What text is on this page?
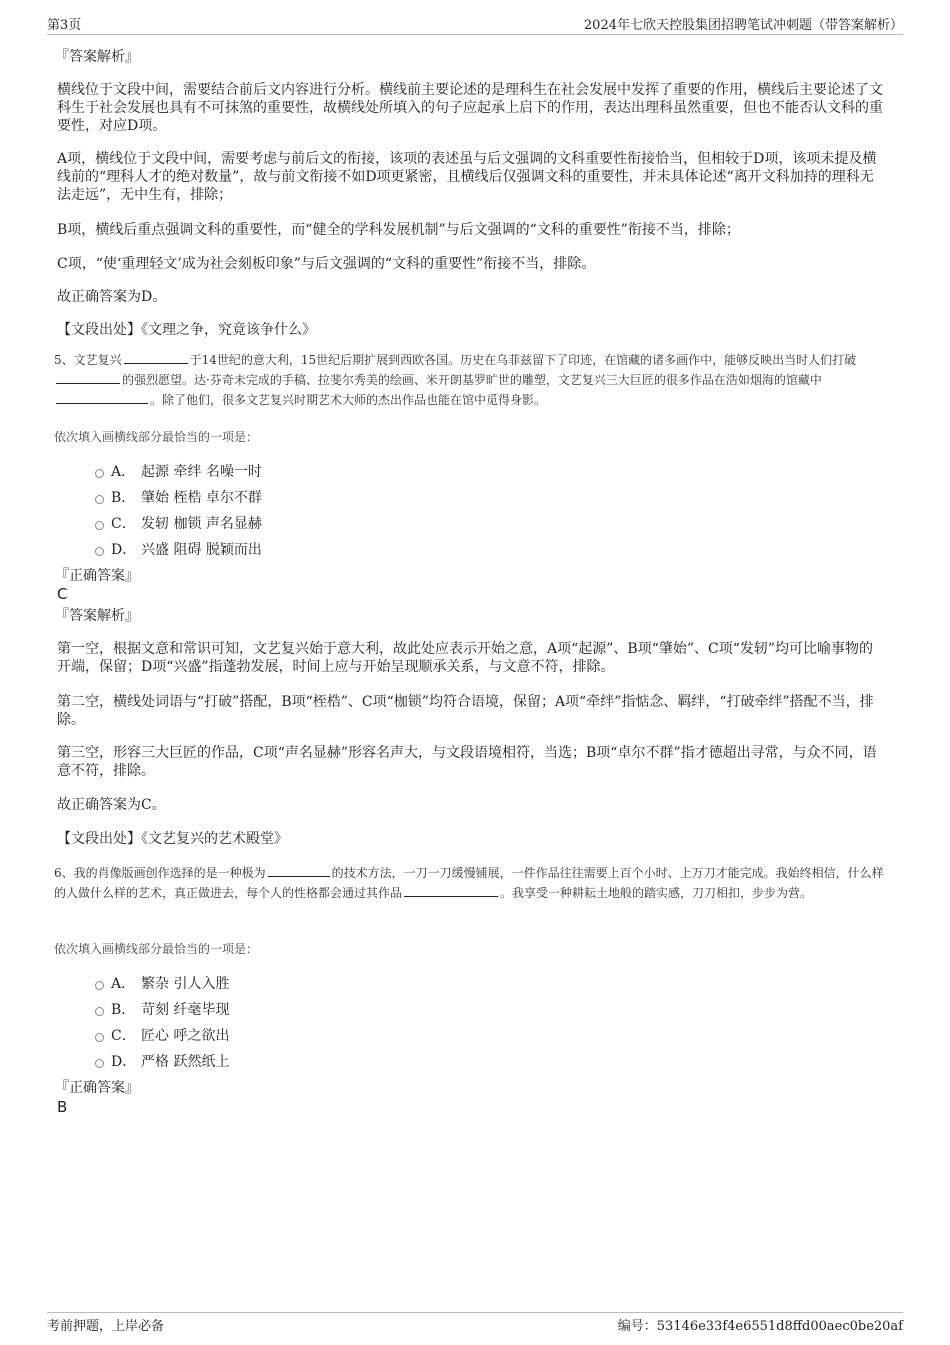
第3页	2024年七欣天控股集团招聘笔试冲刺题（带答案解析）
『答案解析』

横线位于文段中间，需要结合前后文内容进行分析。横线前主要论述的是理科生在社会发展中发挥了重要的作用，横线后主要论述了文科生于社会发展也具有不可抹煞的重要性，故横线处所填入的句子应起承上启下的作用，表达出理科虽然重要，但也不能否认文科的重要性，对应D项。

A项，横线位于文段中间，需要考虑与前后文的衔接，该项的表述虽与后文强调的文科重要性衔接恰当，但相较于D项，该项未提及横线前的“理科人才的绝对数量”，故与前文衔接不如D项更紧密，且横线后仅强调文科的重要性，并未具体论述“离开文科加持的理科无法走远”，无中生有，排除；

B项，横线后重点强调文科的重要性，而“健全的学科发展机制”与后文强调的“文科的重要性”衔接不当，排除；

C项，“使‘重理轻文’成为社会刻板印象”与后文强调的“文科的重要性”衔接不当，排除。

故正确答案为D。

【文段出处】《文理之争，究竟该争什么》

5、文艺复兴	于14世纪的意大利，15世纪后期扩展到西欧各国。历史在乌菲兹留下了印迹，在馆藏的诸多画作中，能够反映出当时人们打破的强烈愿望。达·芬奇未完成的手稿、拉斐尔秀美的绘画、米开朗基罗旷世的雕塑，文艺复兴三大巨匠的很多作品在浩如烟海的馆藏中。除了他们，很多文艺复兴时期艺术大师的杰出作品也能在馆中觅得身影。

依次填入画横线部分最恰当的一项是：
A． 起源 牵绊 名噪一时
B． 肇始 桎梏 卓尔不群
C． 发轫 枷锁 声名显赫
D． 兴盛 阻碍 脱颖而出
『正确答案』
C
『答案解析』

第一空，根据文意和常识可知，文艺复兴始于意大利，故此处应表示开始之意，A项“起源”、B项“肇始”、C项“发轫”均可比喻事物的开端，保留；D项“兴盛”指蓬勃发展，时间上应与开始呈现顺承关系，与文意不符，排除。

第二空，横线处词语与“打破”搭配，B项“桎梏”、C项“枷锁”均符合语境，保留；A项“牵绊”指惦念、羁绊，“打破牵绊”搭配不当，排除。

第三空，形容三大巨匠的作品，C项“声名显赫”形容名声大，与文段语境相符，当选；B项“卓尔不群”指才德超出寻常，与众不同，语意不符，排除。

故正确答案为C。

【文段出处】《文艺复兴的艺术殿堂》

6、我的肖像版画创作选择的是一种极为	的技术方法，一刀一刀缓慢铺展，一件作品往往需要上百个小时、上万刀才能完成。我始终相信，什么样的人做什么样的艺术，真正做进去，每个人的性格都会通过其作品	。我享受一种耕耘土地般的踏实感，刀刀相扣，步步为营。

依次填入画横线部分最恰当的一项是：
A． 繁杂 引人入胜
B． 苛刻 纤毫毕现
C． 匠心 呼之欲出
D． 严格 跃然纸上
『正确答案』
B
考前押题，上岸必备	编号：53146e33f4e6551d8ffd00aec0be20af
